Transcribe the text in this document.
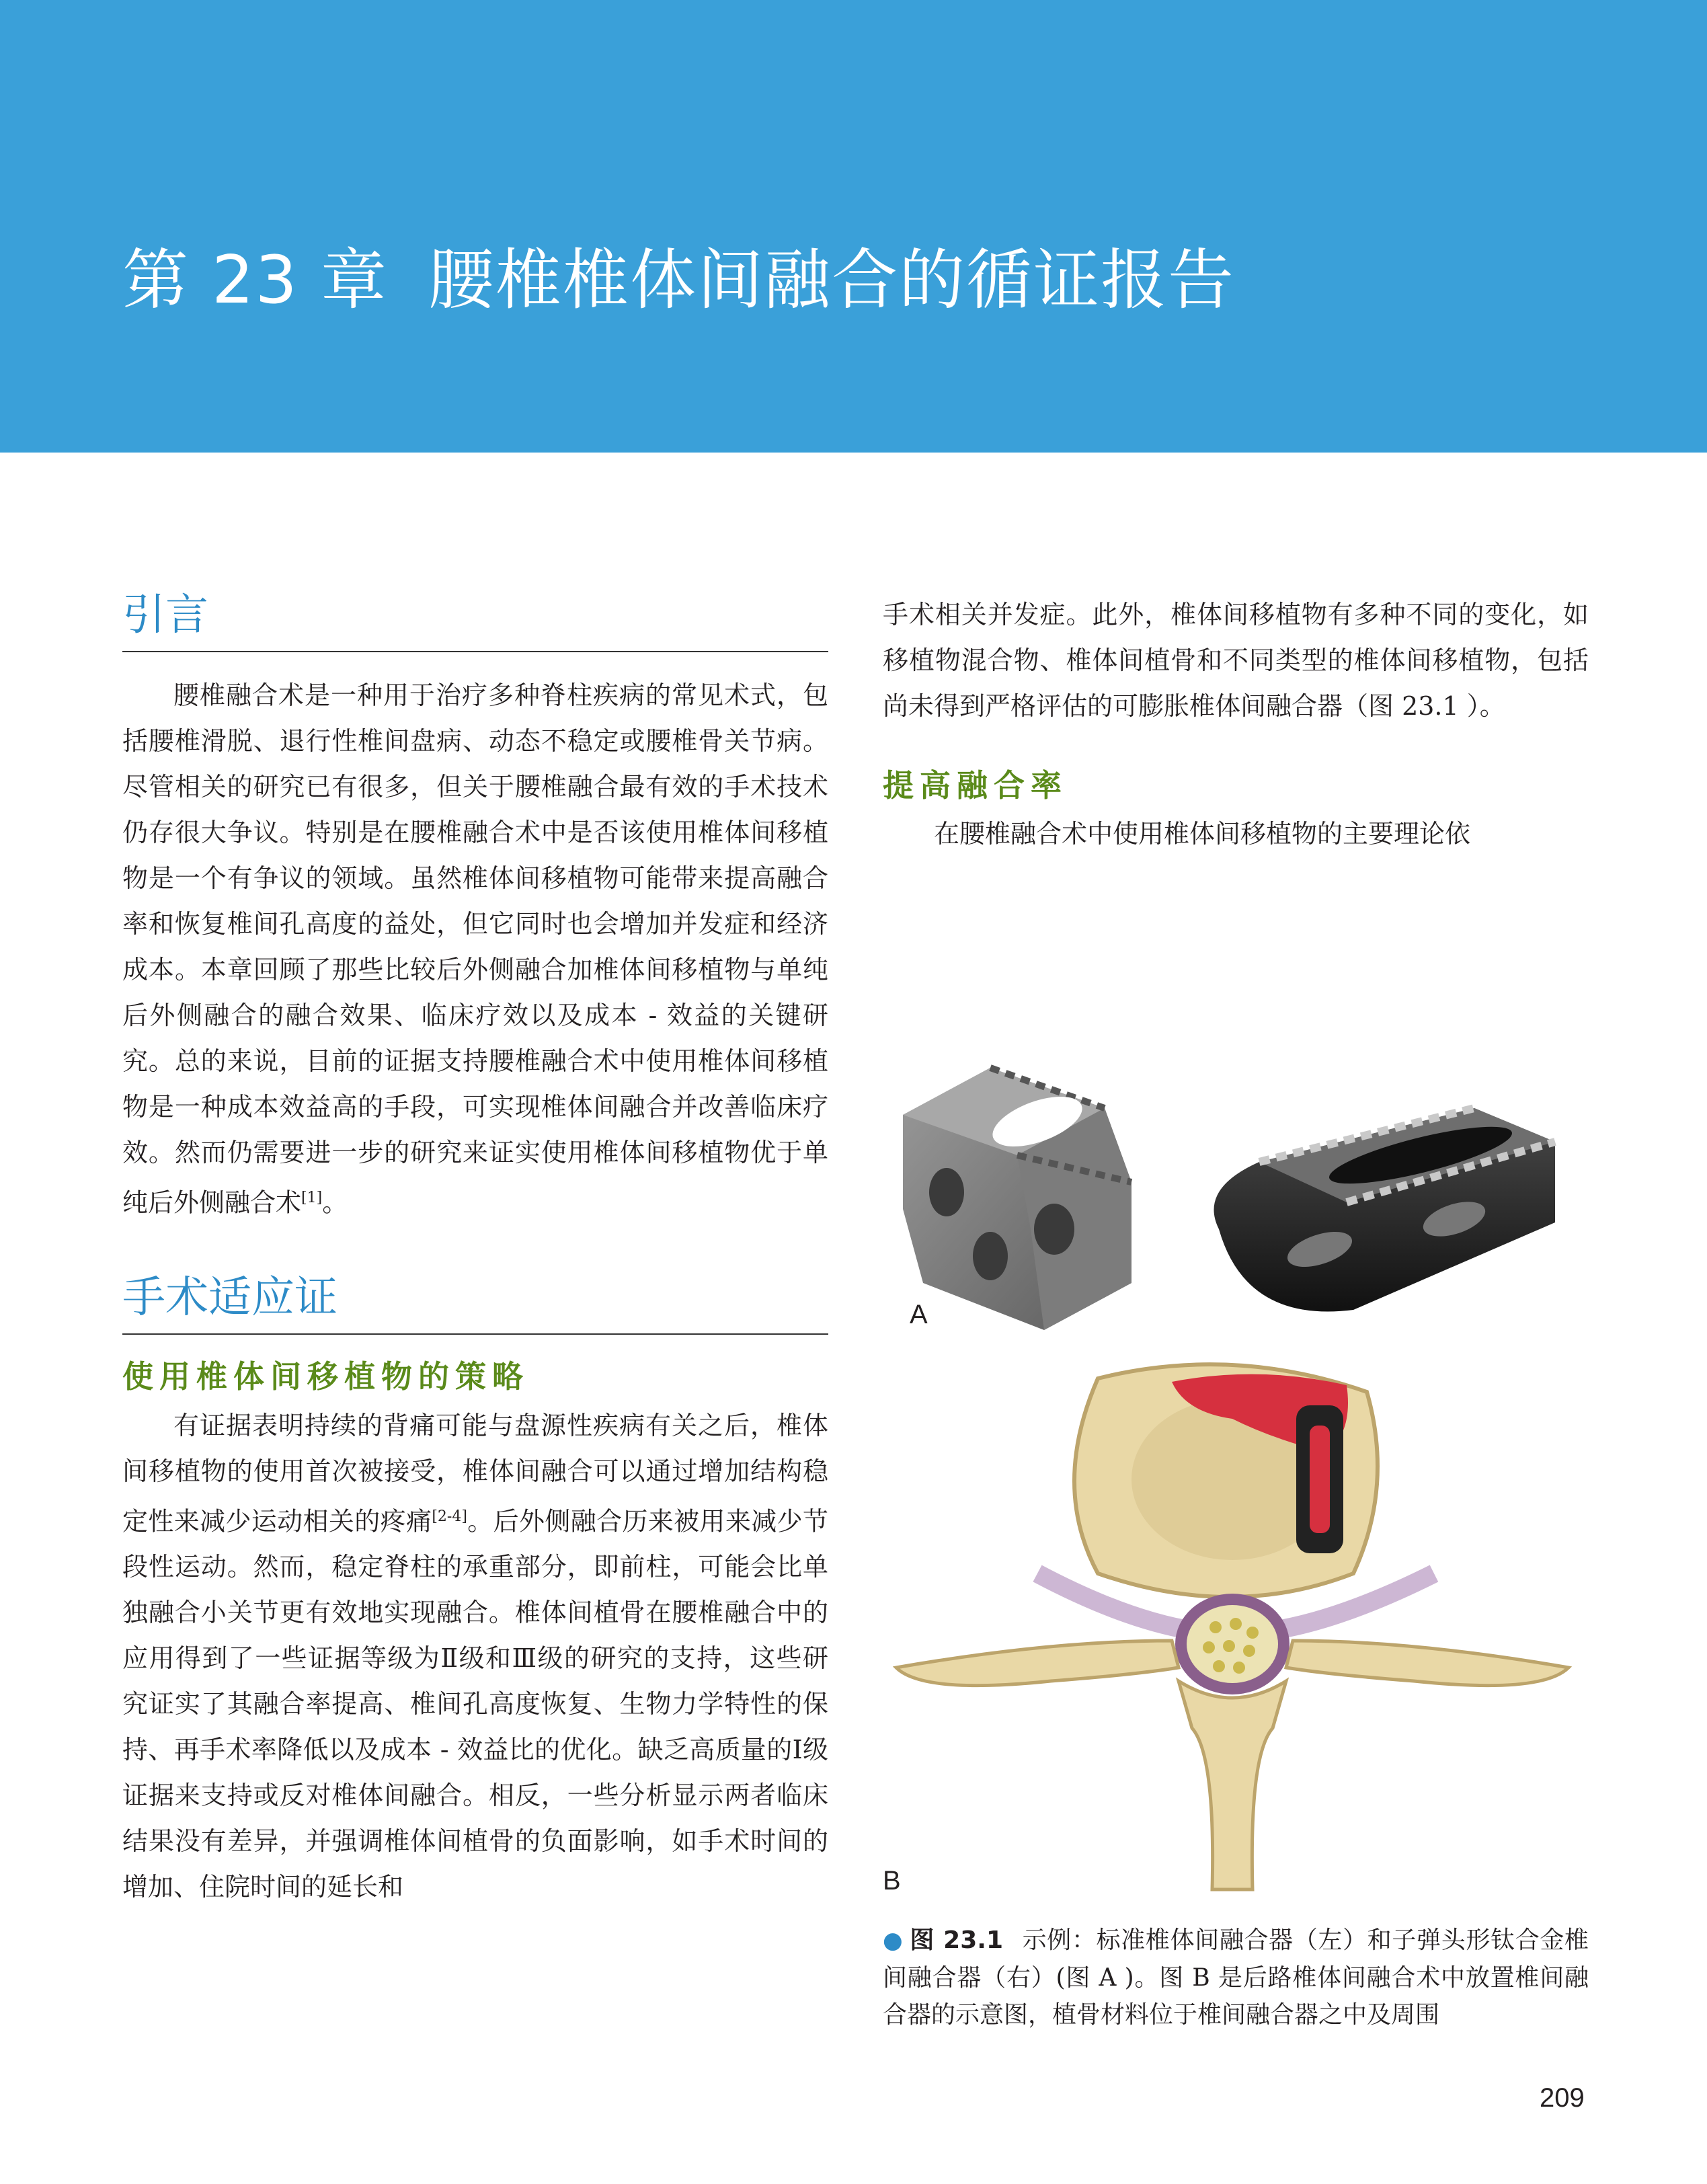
第 23 章 腰椎椎体间融合的循证报告
引言

腰椎融合术是一种用于治疗多种脊柱疾病的常见术式，包括腰椎滑脱、退行性椎间盘病、动态不稳定或腰椎骨关节病。尽管相关的研究已有很多，但关于腰椎融合最有效的手术技术仍存很大争议。特别是在腰椎融合术中是否该使用椎体间移植物是一个有争议的领域。虽然椎体间移植物可能带来提高融合率和恢复椎间孔高度的益处，但它同时也会增加并发症和经济成本。本章回顾了那些比较后外侧融合加椎体间移植物与单纯后外侧融合的融合效果、临床疗效以及成本 - 效益的关键研究。总的来说，目前的证据支持腰椎融合术中使用椎体间移植物是一种成本效益高的手段，可实现椎体间融合并改善临床疗效。然而仍需要进一步的研究来证实使用椎体间移植物优于单纯后外侧融合术[1]。

手术适应证
使用椎体间移植物的策略

有证据表明持续的背痛可能与盘源性疾病有关之后，椎体间移植物的使用首次被接受，椎体间融合可以通过增加结构稳定性来减少运动相关的疼痛[2-4]。后外侧融合历来被用来减少节段性运动。然而，稳定脊柱的承重部分，即前柱，可能会比单独融合小关节更有效地实现融合。椎体间植骨在腰椎融合中的应用得到了一些证据等级为Ⅱ级和Ⅲ级的研究的支持，这些研究证实了其融合率提高、椎间孔高度恢复、生物力学特性的保持、再手术率降低以及成本 - 效益比的优化。缺乏高质量的Ⅰ级证据来支持或反对椎体间融合。相反，一些分析显示两者临床结果没有差异，并强调椎体间植骨的负面影响，如手术时间的增加、住院时间的延长和

手术相关并发症。此外，椎体间移植物有多种不同的变化，如移植物混合物、椎体间植骨和不同类型的椎体间移植物，包括尚未得到严格评估的可膨胀椎体间融合器（图 23.1 ）。

提高融合率

在腰椎融合术中使用椎体间移植物的主要理论依

A
B
● 图 23.1 示例：标准椎体间融合器（左）和子弹头形钛合金椎间融合器（右）(图 A )。图 B 是后路椎体间融合术中放置椎间融合器的示意图，植骨材料位于椎间融合器之中及周围
209
